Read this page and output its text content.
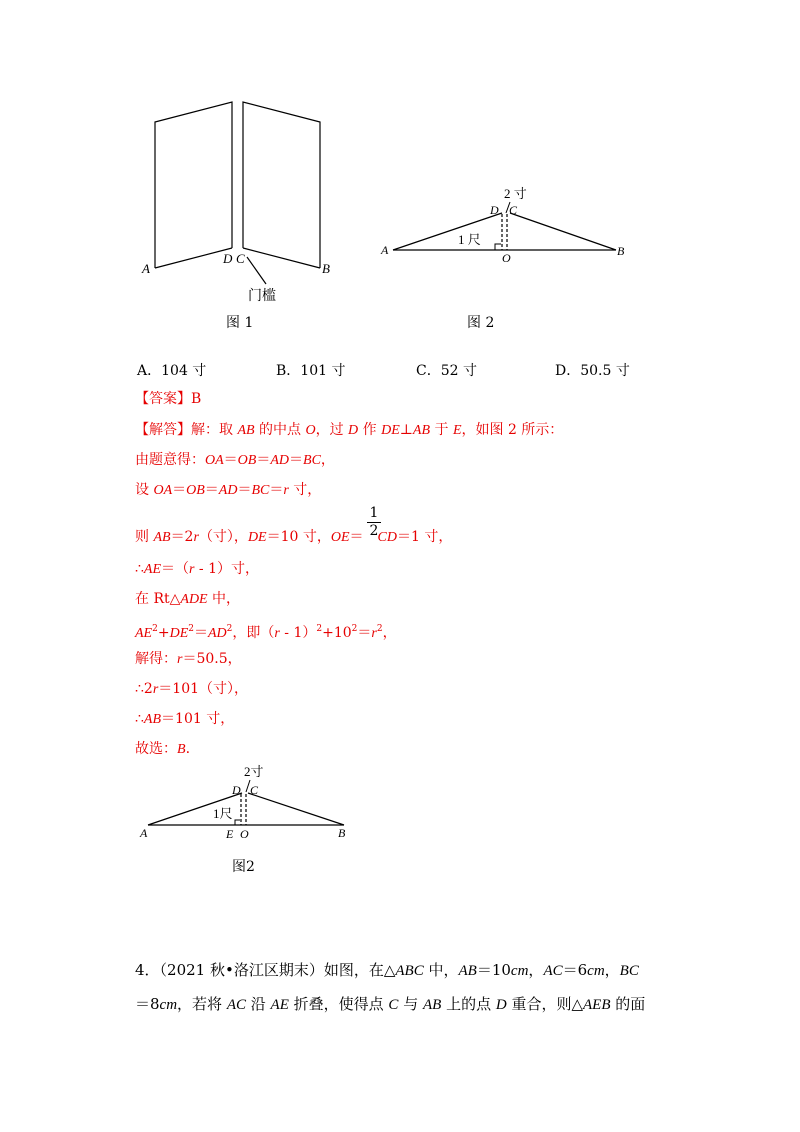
A
D C
B
门槛
图 1
2 寸
D C
1 尺
A
O	B
图 2
A．104 寸	B．101 寸	C．52 寸	D．50.5 寸
【答案】B
【解答】解：取 AB 的中点 O，过 D 作 DE⊥AB 于 E，如图 2 所示：
由题意得：OA＝OB＝AD＝BC，
设 OA＝OB＝AD＝BC＝r 寸，
1
2
则 AB＝2r（寸），DE＝10 寸，OE＝ CD＝1 寸，
∴AE＝（r - 1）寸，
在 Rt△ADE 中，
$AE^2+DE^2=AD^2$，即$(r - 1)^2+10^2=r^2$，
解得：r＝50.5，
∴2r＝101（寸），
∴AB＝101 寸，
故选：B.
2寸
D C
1尺
A	E O	B
图2
4．（2021 秋•洛江区期末）如图，在△ABC 中，AB＝10cm，AC＝6cm，BC
＝8cm，若将 AC 沿 AE 折叠，使得点 C 与 AB 上的点 D 重合，则△AEB 的面
